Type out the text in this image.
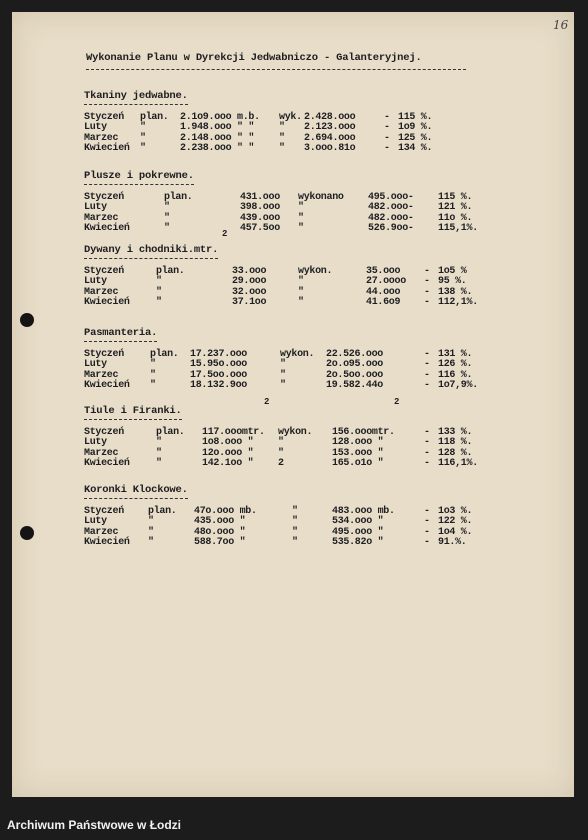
16
Wykonanie Planu w Dyrekcji Jedwabniczo - Galanteryjnej.
Tkaniny jedwabne.
Styczeń plan. 2.1o9.ooo m.b. wyk. 2.428.ooo	- 115 %.
Luty	"	1.948.ooo " " " 2.123.ooo	- 1o9 %.
Marzec "	2.148.ooo " " " 2.694.ooo	- 125 %.
Kwiecień "	2.238.ooo " " " 3.ooo.81o	- 134 %.
Plusze i pokrewne.
Styczeń	plan.	431.ooo wykonano 495.ooo- 115 %.
Luty	"	398.ooo "	482.ooo- 121 %.
Marzec	"	439.ooo "	482.ooo- 11o %.
Kwiecień	"	457.5oo "	526.9oo- 115,1%.
Dywany i chodniki.mtr.
2
Styczeń	plan.	33.ooo	wykon.	35.ooo - 1o5 %
Luty	"	29.ooo	"	27.oooo - 95 %.
Marzec	"	32.ooo	"	44.ooo - 138 %.
Kwiecień	"	37.1oo	"	41.6o9 - 112,1%.
Pasmanteria.
Styczeń	plan. 17.237.ooo	wykon. 22.526.ooo	- 131 %.
Luty	"	15.95o.ooo	"	2o.o95.ooo	- 126 %.
Marzec	"	17.5oo.ooo	"	2o.5oo.ooo	- 116 %.
Kwiecień "	18.132.9oo	"	19.582.44o	- 1o7,9%.
Tiule i Firanki.
2	2
Styczeń	plan. 117.ooomtr. wykon. 156.ooomtr.	- 133 %.
Luty	"	1o8.ooo " "	128.ooo "	- 118 %.
Marzec	"	12o.ooo " "	153.ooo "	- 128 %.
Kwiecień	"	142.1oo " 2	165.o1o "	- 116,1%.
Koronki Klockowe.
Styczeń plan. 47o.ooo mb.	"	483.ooo mb.	- 1o3 %.
Luty	"	435.ooo "	"	534.ooo "	- 122 %.
Marzec	"	48o.ooo "	"	495.ooo "	- 1o4 %.
Kwiecień "	588.7oo "	"	535.82o "	- 91.%.
Archiwum Państwowe w Łodzi
